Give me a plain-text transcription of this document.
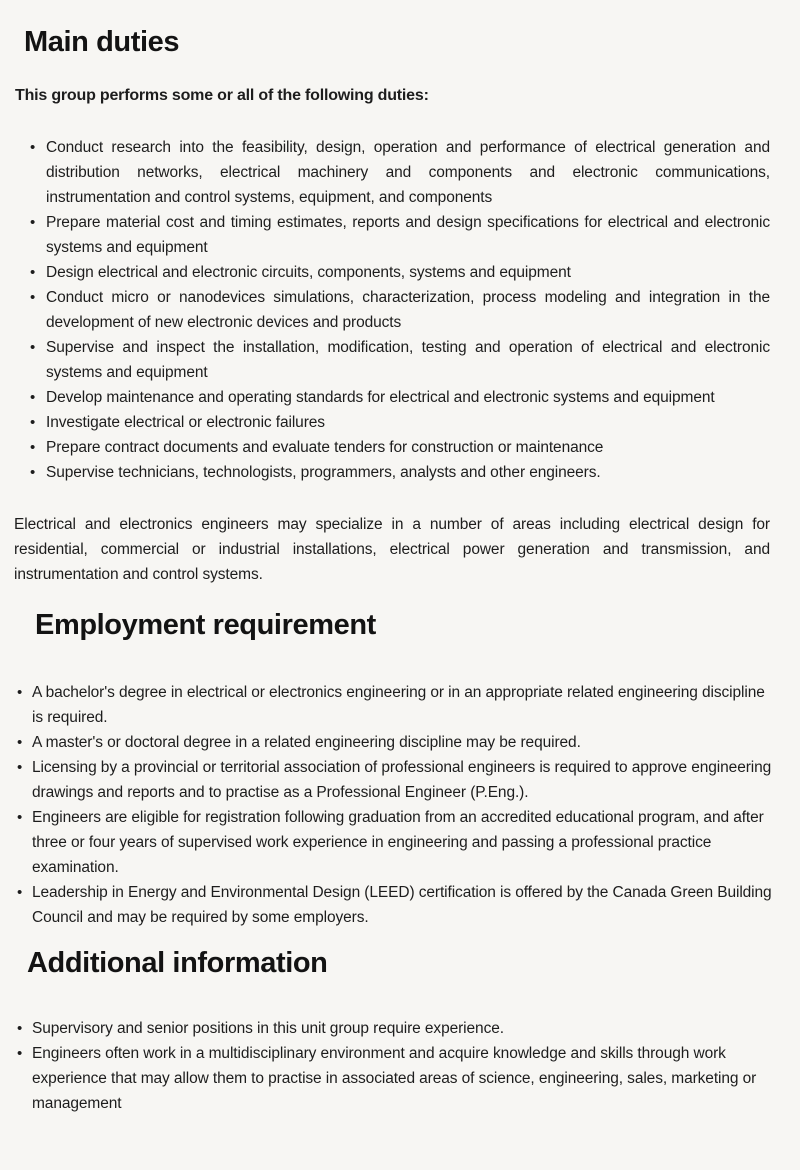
Main duties

This group performs some or all of the following duties:

• Conduct research into the feasibility, design, operation and performance of electrical generation and distribution networks, electrical machinery and components and electronic communications, instrumentation and control systems, equipment, and components
• Prepare material cost and timing estimates, reports and design specifications for electrical and electronic systems and equipment
• Design electrical and electronic circuits, components, systems and equipment
• Conduct micro or nanodevices simulations, characterization, process modeling and integration in the development of new electronic devices and products
• Supervise and inspect the installation, modification, testing and operation of electrical and electronic systems and equipment
• Develop maintenance and operating standards for electrical and electronic systems and equipment
• Investigate electrical or electronic failures
• Prepare contract documents and evaluate tenders for construction or maintenance
• Supervise technicians, technologists, programmers, analysts and other engineers.

Electrical and electronics engineers may specialize in a number of areas including electrical design for residential, commercial or industrial installations, electrical power generation and transmission, and instrumentation and control systems.

Employment requirement
• A bachelor's degree in electrical or electronics engineering or in an appropriate related engineering discipline is required.
• A master's or doctoral degree in a related engineering discipline may be required.
• Licensing by a provincial or territorial association of professional engineers is required to approve engineering drawings and reports and to practise as a Professional Engineer (P.Eng.).
• Engineers are eligible for registration following graduation from an accredited educational program, and after three or four years of supervised work experience in engineering and passing a professional practice examination.
• Leadership in Energy and Environmental Design (LEED) certification is offered by the Canada Green Building Council and may be required by some employers.
Additional information
• Supervisory and senior positions in this unit group require experience.
• Engineers often work in a multidisciplinary environment and acquire knowledge and skills through work experience that may allow them to practise in associated areas of science, engineering, sales, marketing or management
